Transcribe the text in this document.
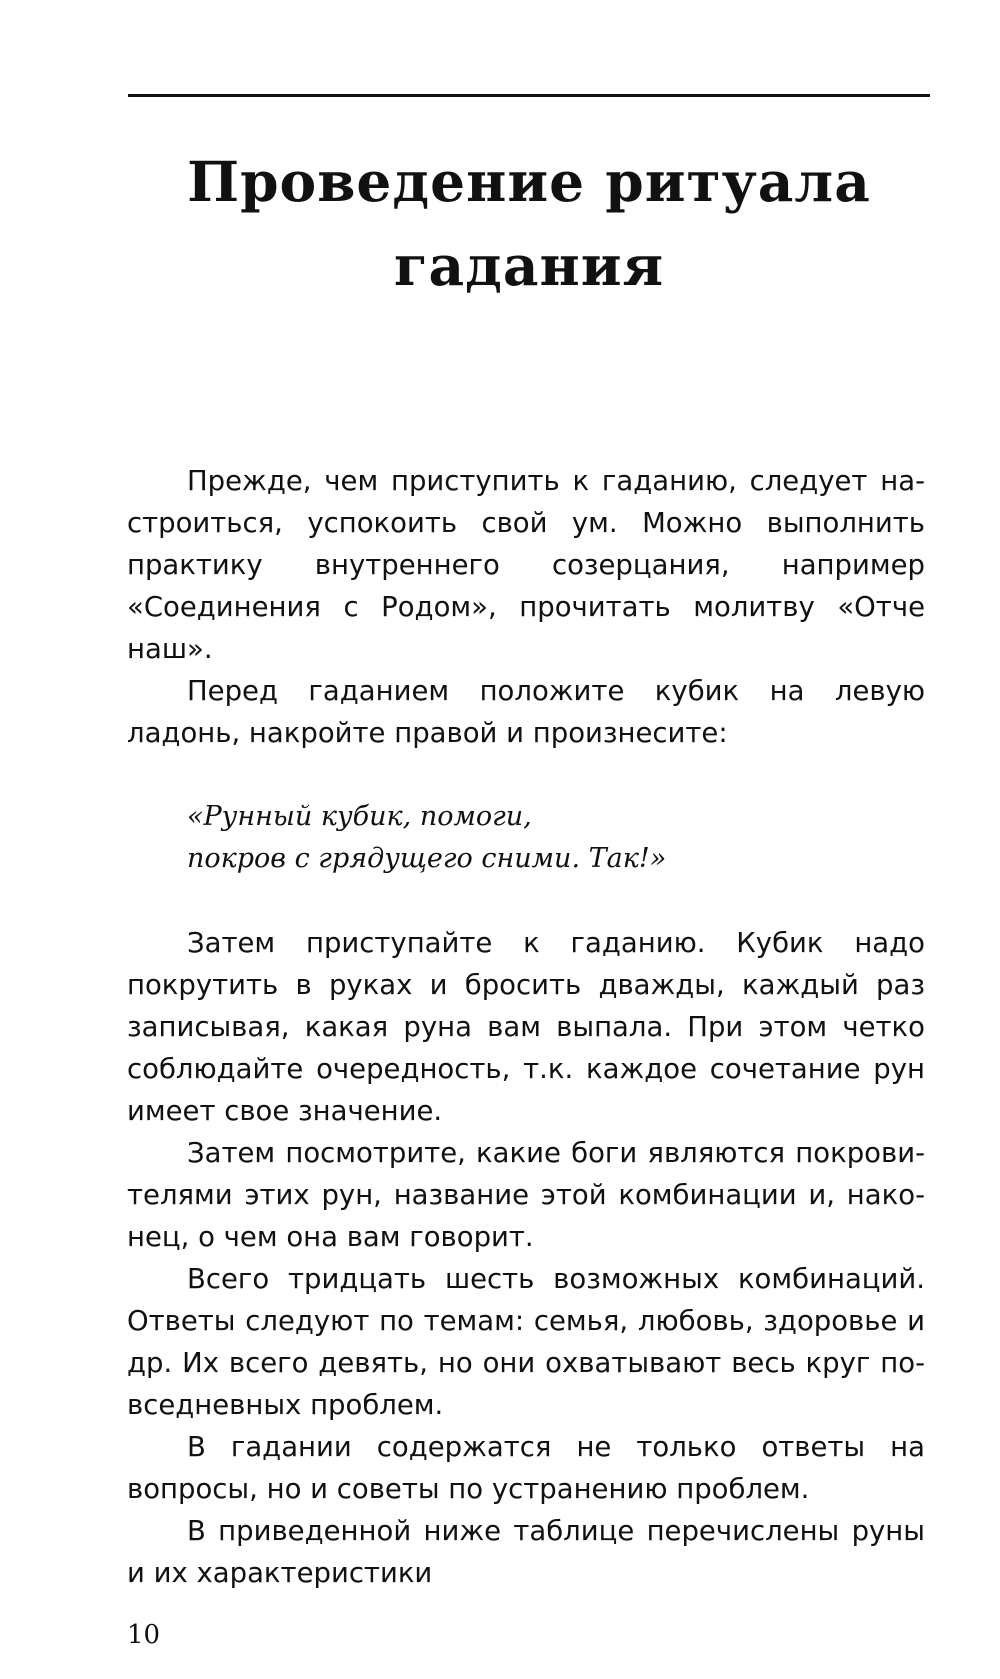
Проведение ритуала
гадания

Прежде, чем приступить к гаданию, следует настроиться, успокоить свой ум. Можно выполнить практику внутреннего созерцания, например «Соединения с Родом», прочитать молитву «Отче наш».

Перед гаданием положите кубик на левую ладонь, накройте правой и произнесите:

«Рунный кубик, помоги,
покров с грядущего сними. Так!»

Затем приступайте к гаданию. Кубик надо покрутить в руках и бросить дважды, каждый раз записывая, какая руна вам выпала. При этом четко соблюдайте очередность, т.к. каждое сочетание рун имеет свое значение.

Затем посмотрите, какие боги являются покровителями этих рун, название этой комбинации и, наконец, о чем она вам говорит.

Всего тридцать шесть возможных комбинаций. Ответы следуют по темам: семья, любовь, здоровье и др. Их всего девять, но они охватывают весь круг повседневных проблем.

В гадании содержатся не только ответы на вопросы, но и советы по устранению проблем.

В приведенной ниже таблице перечислены руны и их характеристики

10
